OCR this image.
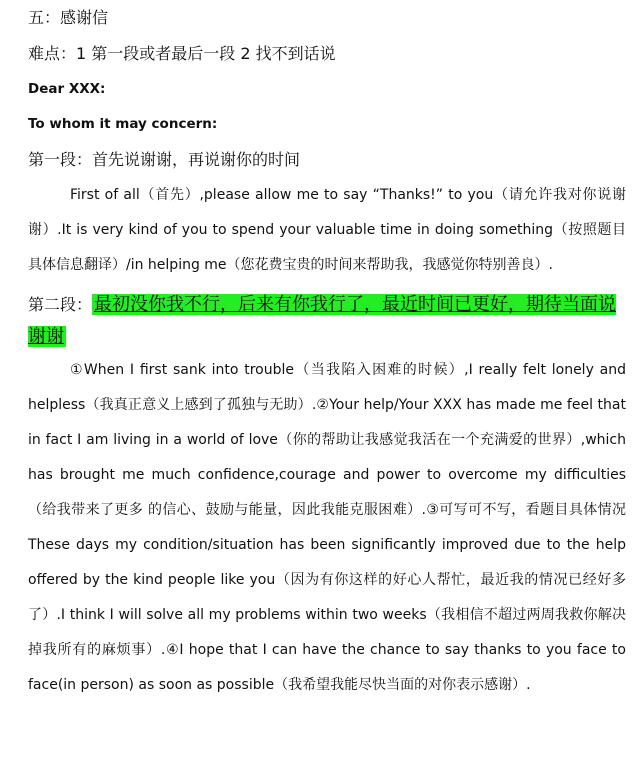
五：感谢信
难点：1 第一段或者最后一段 2 找不到话说
Dear XXX:
To whom it may concern:
第一段：首先说谢谢，再说谢你的时间
First of all（首先）,please allow me to say “Thanks!” to you（请允许我对你说谢谢）.It is very kind of you to spend your valuable time in doing something（按照题目具体信息翻译）/in helping me（您花费宝贵的时间来帮助我，我感觉你特别善良）.
第二段： 最初没你我不行，后来有你我行了，最近时间已更好，期待当面说谢谢
①When I first sank into trouble（当我陷入困难的时候）,I really felt lonely and helpless（我真正意义上感到了孤独与无助）.②Your help/Your XXX has made me feel that in fact I am living in a world of love（你的帮助让我感觉我活在一个充满爱的世界）,which has brought me much confidence,courage and power to overcome my difficulties（给我带来了更多 的信心、鼓励与能量，因此我能克服困难）.③可写可不写，看题目具体情况 These days my condition/situation has been significantly improved due to the help offered by the kind people like you（因为有你这样的好心人帮忙，最近我的情况已经好多了）.I think I will solve all my problems within two weeks（我相信不超过两周我救你解决掉我所有的麻烦事）.④I hope that I can have the chance to say thanks to you face to face(in person) as soon as possible（我希望我能尽快当面的对你表示感谢）.
